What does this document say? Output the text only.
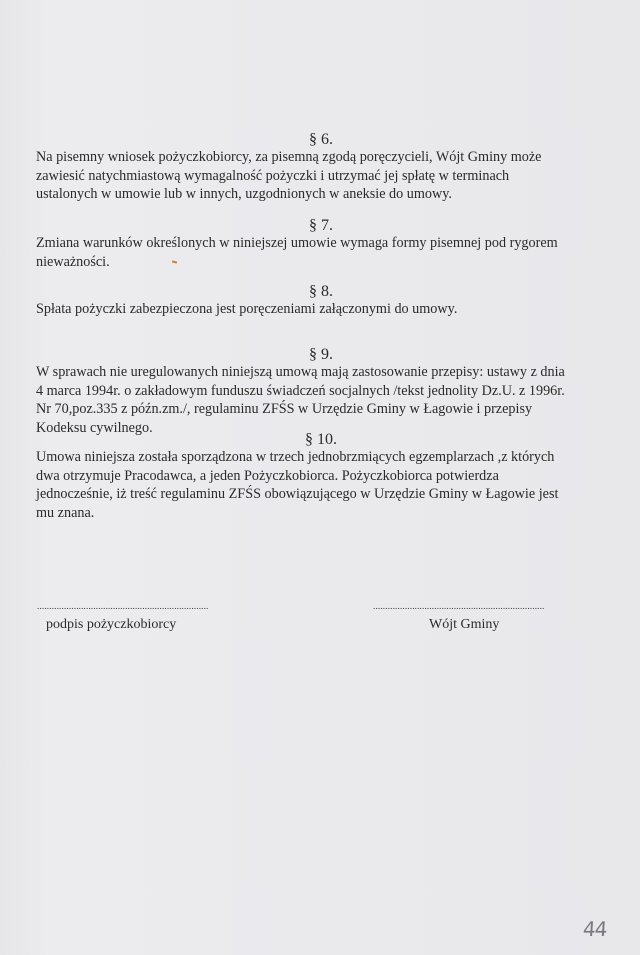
§ 6.

Na pisemny wniosek pożyczkobiorcy, za pisemną zgodą poręczycieli, Wójt Gminy może
zawiesić natychmiastową wymagalność pożyczki i utrzymać jej spłatę w terminach
ustalonych w umowie lub w innych, uzgodnionych w aneksie do umowy.

§ 7.

Zmiana warunków określonych w niniejszej umowie wymaga formy pisemnej pod rygorem
nieważności.

§ 8.

Spłata pożyczki zabezpieczona jest poręczeniami załączonymi do umowy.

§ 9.

W sprawach nie uregulowanych niniejszą umową mają zastosowanie przepisy: ustawy z dnia
4 marca 1994r. o zakładowym funduszu świadczeń socjalnych /tekst jednolity Dz.U. z 1996r.
Nr 70,poz.335 z późn.zm./, regulaminu ZFŚS w Urzędzie Gminy w Łagowie i przepisy
Kodeksu cywilnego.

§ 10.

Umowa niniejsza została sporządzona w trzech jednobrzmiących egzemplarzach ,z których
dwa otrzymuje Pracodawca, a jeden Pożyczkobiorca. Pożyczkobiorca potwierdza
jednocześnie, iż treść regulaminu ZFŚS obowiązującego w Urzędzie Gminy w Łagowie jest
mu znana.

......................................................................
podpis pożyczkobiorcy
......................................................................
Wójt Gminy
44
